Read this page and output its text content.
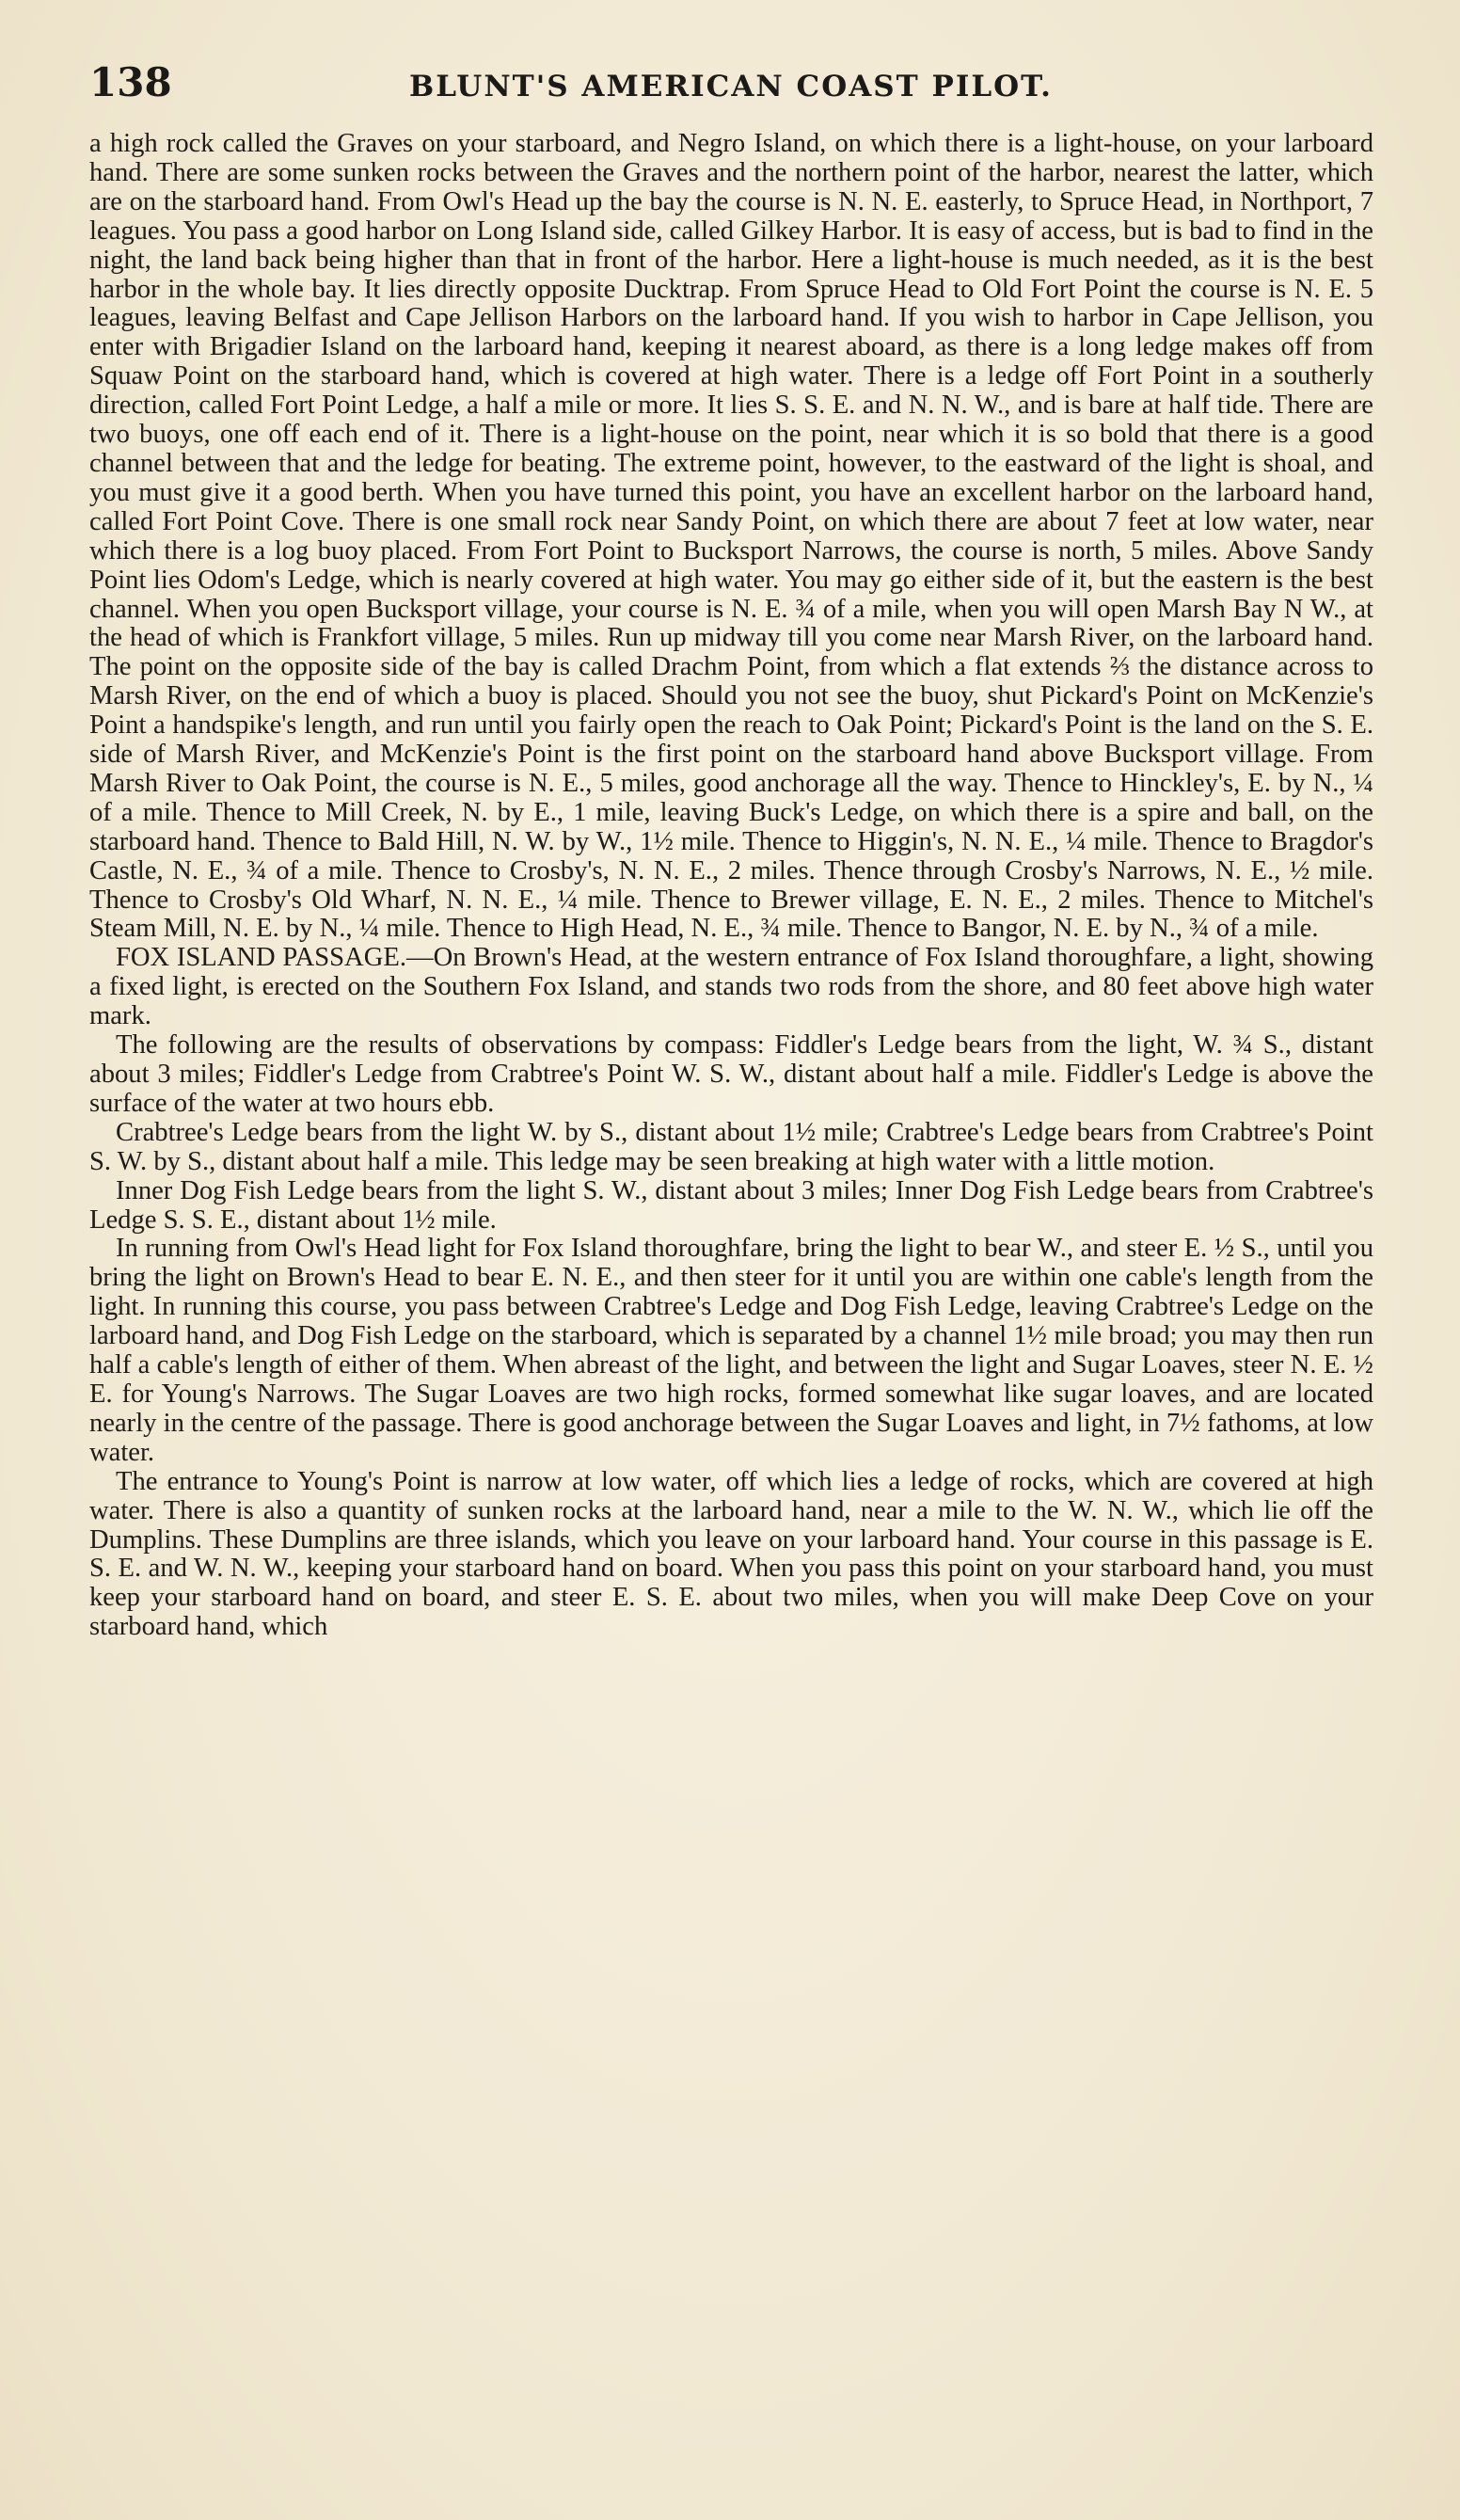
138	BLUNT'S AMERICAN COAST PILOT.

a high rock called the Graves on your starboard, and Negro Island, on which there is a light-house, on your larboard hand. There are some sunken rocks between the Graves and the northern point of the harbor, nearest the latter, which are on the starboard hand. From Owl's Head up the bay the course is N. N. E. easterly, to Spruce Head, in Northport, 7 leagues. You pass a good harbor on Long Island side, called Gilkey Harbor. It is easy of access, but is bad to find in the night, the land back being higher than that in front of the harbor. Here a light-house is much needed, as it is the best harbor in the whole bay. It lies directly opposite Ducktrap. From Spruce Head to Old Fort Point the course is N. E. 5 leagues, leaving Belfast and Cape Jellison Harbors on the larboard hand. If you wish to harbor in Cape Jellison, you enter with Brigadier Island on the larboard hand, keeping it nearest aboard, as there is a long ledge makes off from Squaw Point on the starboard hand, which is covered at high water. There is a ledge off Fort Point in a southerly direction, called Fort Point Ledge, a half a mile or more. It lies S. S. E. and N. N. W., and is bare at half tide. There are two buoys, one off each end of it. There is a light-house on the point, near which it is so bold that there is a good channel between that and the ledge for beating. The extreme point, however, to the eastward of the light is shoal, and you must give it a good berth. When you have turned this point, you have an excellent harbor on the larboard hand, called Fort Point Cove. There is one small rock near Sandy Point, on which there are about 7 feet at low water, near which there is a log buoy placed. From Fort Point to Bucksport Narrows, the course is north, 5 miles. Above Sandy Point lies Odom's Ledge, which is nearly covered at high water. You may go either side of it, but the eastern is the best channel. When you open Bucksport village, your course is N. E. ¾ of a mile, when you will open Marsh Bay N W., at the head of which is Frankfort village, 5 miles. Run up midway till you come near Marsh River, on the larboard hand. The point on the opposite side of the bay is called Drachm Point, from which a flat extends ⅔ the distance across to Marsh River, on the end of which a buoy is placed. Should you not see the buoy, shut Pickard's Point on McKenzie's Point a handspike's length, and run until you fairly open the reach to Oak Point; Pickard's Point is the land on the S. E. side of Marsh River, and McKenzie's Point is the first point on the starboard hand above Bucksport village. From Marsh River to Oak Point, the course is N. E., 5 miles, good anchorage all the way. Thence to Hinckley's, E. by N., ¼ of a mile. Thence to Mill Creek, N. by E., 1 mile, leaving Buck's Ledge, on which there is a spire and ball, on the starboard hand. Thence to Bald Hill, N. W. by W., 1½ mile. Thence to Higgin's, N. N. E., ¼ mile. Thence to Bragdor's Castle, N. E., ¾ of a mile. Thence to Crosby's, N. N. E., 2 miles. Thence through Crosby's Narrows, N. E., ½ mile. Thence to Crosby's Old Wharf, N. N. E., ¼ mile. Thence to Brewer village, E. N. E., 2 miles. Thence to Mitchel's Steam Mill, N. E. by N., ¼ mile. Thence to High Head, N. E., ¾ mile. Thence to Bangor, N. E. by N., ¾ of a mile.

FOX ISLAND PASSAGE.—On Brown's Head, at the western entrance of Fox Island thoroughfare, a light, showing a fixed light, is erected on the Southern Fox Island, and stands two rods from the shore, and 80 feet above high water mark.

The following are the results of observations by compass: Fiddler's Ledge bears from the light, W. ¾ S., distant about 3 miles; Fiddler's Ledge from Crabtree's Point W. S. W., distant about half a mile. Fiddler's Ledge is above the surface of the water at two hours ebb.

Crabtree's Ledge bears from the light W. by S., distant about 1½ mile; Crabtree's Ledge bears from Crabtree's Point S. W. by S., distant about half a mile. This ledge may be seen breaking at high water with a little motion.

Inner Dog Fish Ledge bears from the light S. W., distant about 3 miles; Inner Dog Fish Ledge bears from Crabtree's Ledge S. S. E., distant about 1½ mile.

In running from Owl's Head light for Fox Island thoroughfare, bring the light to bear W., and steer E. ½ S., until you bring the light on Brown's Head to bear E. N. E., and then steer for it until you are within one cable's length from the light. In running this course, you pass between Crabtree's Ledge and Dog Fish Ledge, leaving Crabtree's Ledge on the larboard hand, and Dog Fish Ledge on the starboard, which is separated by a channel 1½ mile broad; you may then run half a cable's length of either of them. When abreast of the light, and between the light and Sugar Loaves, steer N. E. ½ E. for Young's Narrows. The Sugar Loaves are two high rocks, formed somewhat like sugar loaves, and are located nearly in the centre of the passage. There is good anchorage between the Sugar Loaves and light, in 7½ fathoms, at low water.

The entrance to Young's Point is narrow at low water, off which lies a ledge of rocks, which are covered at high water. There is also a quantity of sunken rocks at the larboard hand, near a mile to the W. N. W., which lie off the Dumplins. These Dumplins are three islands, which you leave on your larboard hand. Your course in this passage is E. S. E. and W. N. W., keeping your starboard hand on board. When you pass this point on your starboard hand, you must keep your starboard hand on board, and steer E. S. E. about two miles, when you will make Deep Cove on your starboard hand, which
